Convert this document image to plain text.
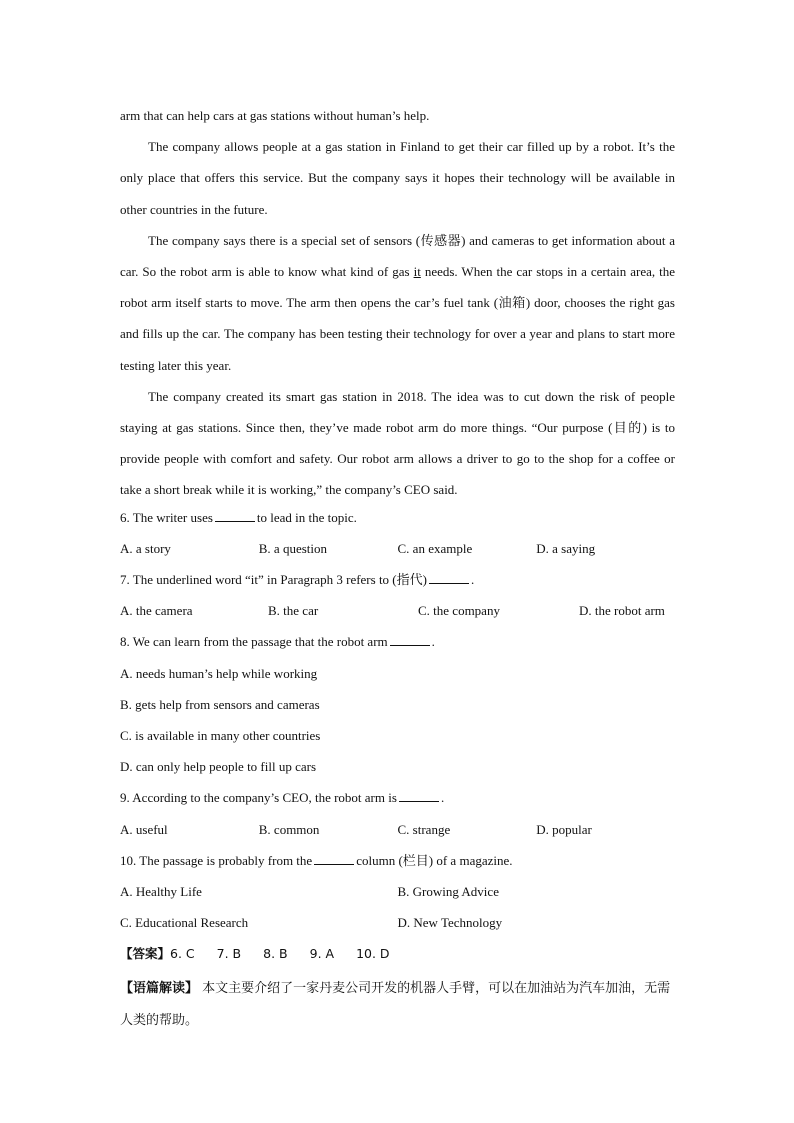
arm that can help cars at gas stations without human’s help.

The company allows people at a gas station in Finland to get their car filled up by a robot. It’s the only place that offers this service. But the company says it hopes their technology will be available in other countries in the future.

The company says there is a special set of sensors (传感器) and cameras to get information about a car. So the robot arm is able to know what kind of gas it needs. When the car stops in a certain area, the robot arm itself starts to move. The arm then opens the car’s fuel tank (油箱) door, chooses the right gas and fills up the car. The company has been testing their technology for over a year and plans to start more testing later this year.

The company created its smart gas station in 2018. The idea was to cut down the risk of people staying at gas stations. Since then, they’ve made robot arm do more things. “Our purpose (目的) is to provide people with comfort and safety. Our robot arm allows a driver to go to the shop for a coffee or take a short break while it is working,” the company’s CEO said.

6. The writer uses	to lead in the topic.
A. a story	B. a question	C. an example	D. a saying
7. The underlined word “it” in Paragraph 3 refers to (指代)	.
A. the camera	B. the car	C. the company	D. the robot arm
8. We can learn from the passage that the robot arm	.
A. needs human’s help while working
B. gets help from sensors and cameras
C. is available in many other countries
D. can only help people to fill up cars
9. According to the company’s CEO, the robot arm is	.
A. useful	B. common	C. strange	D. popular
10. The passage is probably from the	column (栏目) of a magazine.
A. Healthy Life	B. Growing Advice
C. Educational Research	D. New Technology
【答案】6. C 7. B 8. B 9. A 10. D
【语篇解读】 本文主要介绍了一家丹麦公司开发的机器人手臂，可以在加油站为汽车加油，无需人类的帮助。
